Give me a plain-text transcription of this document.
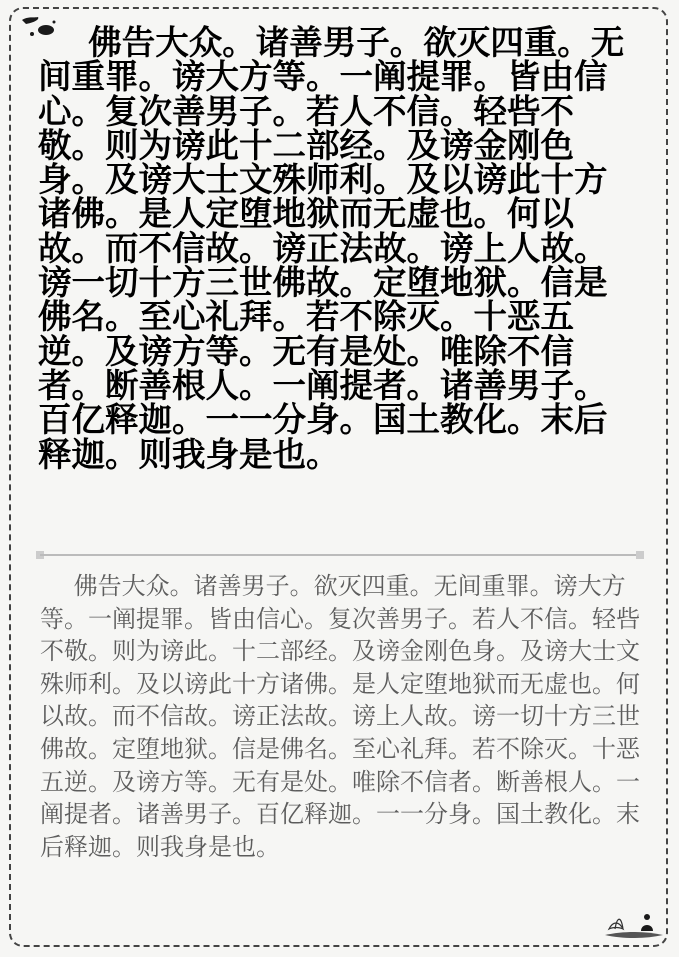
佛告大众。诸善男子。欲灭四重。无间重罪。谤大方等。一阐提罪。皆由信心。复次善男子。若人不信。轻呰不敬。则为谤此十二部经。及谤金刚色身。及谤大士文殊师利。及以谤此十方诸佛。是人定堕地狱而无虚也。何以故。而不信故。谤正法故。谤上人故。谤一切十方三世佛故。定堕地狱。信是佛名。至心礼拜。若不除灭。十恶五逆。及谤方等。无有是处。唯除不信者。断善根人。一阐提者。诸善男子。百亿释迦。一一分身。国土教化。末后释迦。则我身是也。

佛告大众。诸善男子。欲灭四重。无间重罪。谤大方等。一阐提罪。皆由信心。复次善男子。若人不信。轻呰不敬。则为谤此。十二部经。及谤金刚色身。及谤大士文殊师利。及以谤此十方诸佛。是人定堕地狱而无虚也。何以故。而不信故。谤正法故。谤上人故。谤一切十方三世佛故。定堕地狱。信是佛名。至心礼拜。若不除灭。十恶五逆。及谤方等。无有是处。唯除不信者。断善根人。一阐提者。诸善男子。百亿释迦。一一分身。国土教化。末后释迦。则我身是也。
